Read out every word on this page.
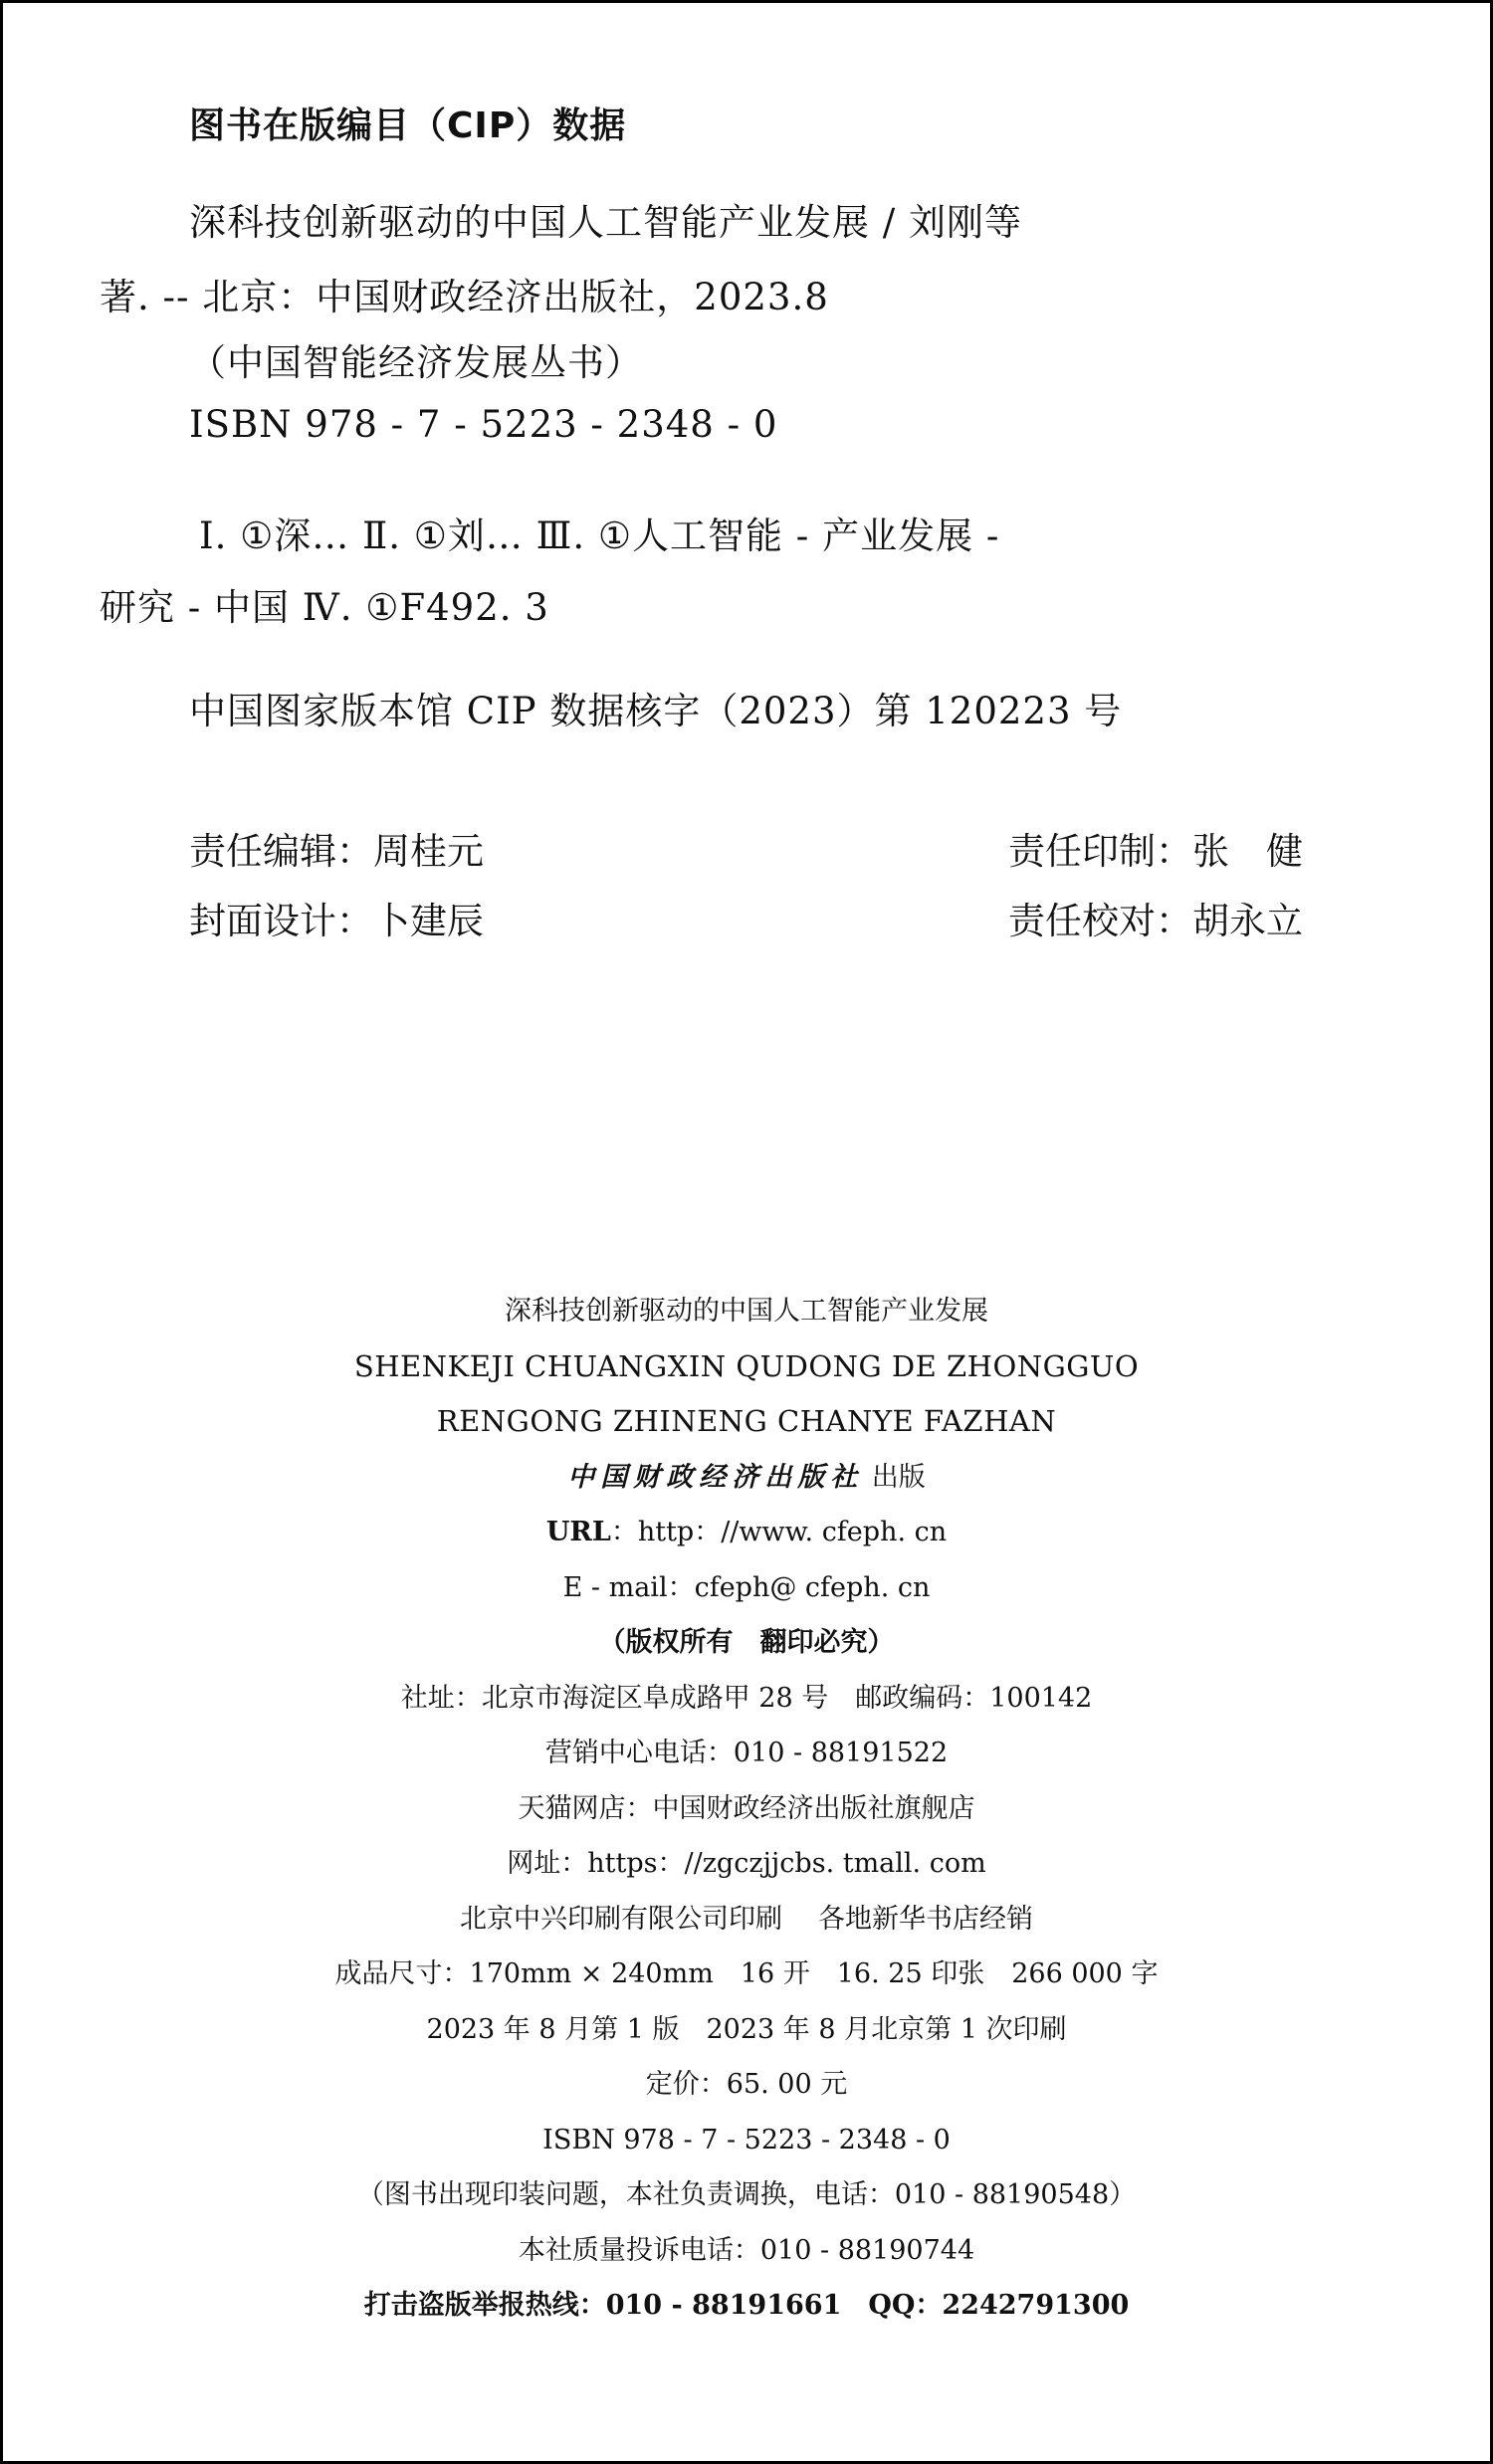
图书在版编目（CIP）数据
深科技创新驱动的中国人工智能产业发展 / 刘刚等
著. -- 北京：中国财政经济出版社，2023.8
（中国智能经济发展丛书）
ISBN 978 - 7 - 5223 - 2348 - 0
Ⅰ. ①深… Ⅱ. ①刘… Ⅲ. ①人工智能 - 产业发展 -
研究 - 中国 Ⅳ. ①F492. 3
中国图家版本馆 CIP 数据核字（2023）第 120223 号
责任编辑：周桂元
封面设计：卜建辰
责任印制：张　健
责任校对：胡永立
深科技创新驱动的中国人工智能产业发展
SHENKEJI CHUANGXIN QUDONG DE ZHONGGUO
RENGONG ZHINENG CHANYE FAZHAN
中国财政经济出版社 出版
URL：http：//www. cfeph. cn
E - mail：cfeph@ cfeph. cn
（版权所有　翻印必究）
社址：北京市海淀区阜成路甲 28 号　邮政编码：100142
营销中心电话：010 - 88191522
天猫网店：中国财政经济出版社旗舰店
网址：https：//zgczjjcbs. tmall. com
北京中兴印刷有限公司印刷 各地新华书店经销
成品尺寸：170mm × 240mm　16 开　16. 25 印张　266 000 字
2023 年 8 月第 1 版　2023 年 8 月北京第 1 次印刷
定价：65. 00 元
ISBN 978 - 7 - 5223 - 2348 - 0
（图书出现印装问题，本社负责调换，电话：010 - 88190548）
本社质量投诉电话：010 - 88190744
打击盗版举报热线：010 - 88191661　QQ：2242791300
